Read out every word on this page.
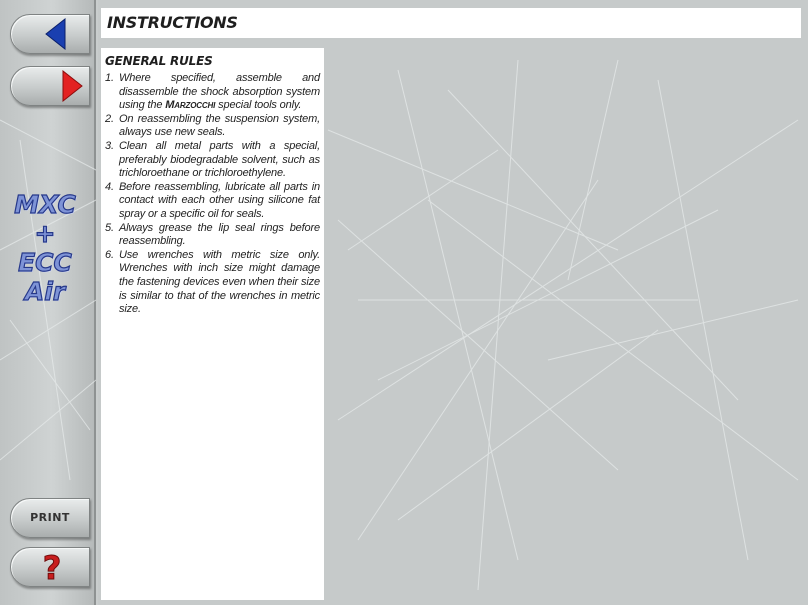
MXC
+
ECC
Air
PRINT
?
INSTRUCTIONS
GENERAL RULES
1. Where specified, assemble and disassemble the shock absorption system using the Marzocchi special tools only.
2. On reassembling the suspension system, always use new seals.
3. Clean all metal parts with a special, preferably biodegradable solvent, such as trichloroethane or trichloroethylene.
4. Before reassembling, lubricate all parts in contact with each other using silicone fat spray or a specific oil for seals.
5. Always grease the lip seal rings before reassembling.
6. Use wrenches with metric size only. Wrenches with inch size might damage the fastening devices even when their size is similar to that of the wrenches in metric size.
